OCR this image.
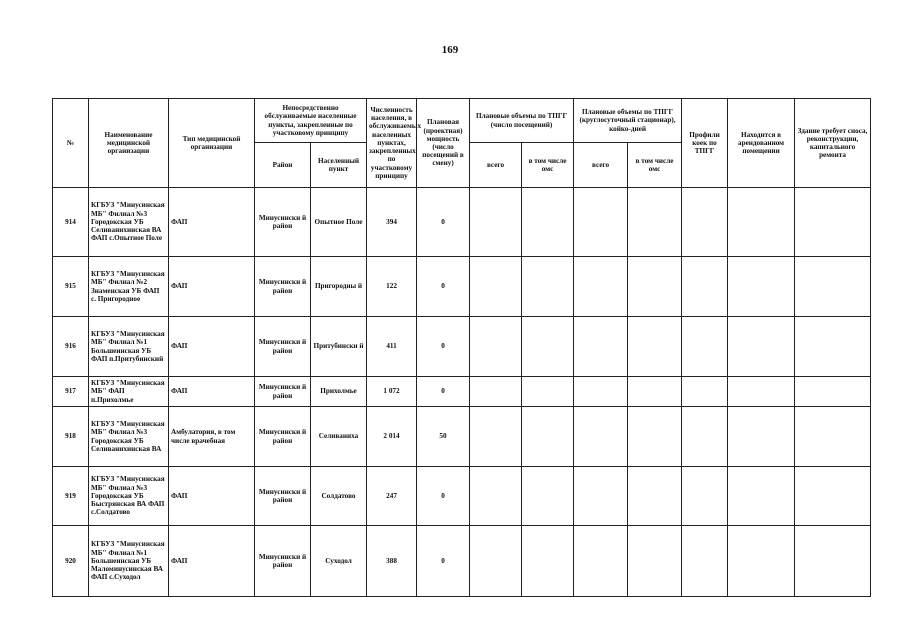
169
№	Наименование медицинской организации	Тип медицинской организации	Непосредственно обслуживаемые населенные пункты, закрепленные по участковому принципу		Численность населения, в обслуживаемых населенных пунктах, закрепленных по участковому принципу	Плановая (проектная) мощность (число посещений в смену)	Плановые объемы по ТПГГ (число посещений)		Плановые объемы по ТПГГ (круглосуточный стационар), койко-дней		Профили коек по ТПГГ	Находится в арендованном помещении	Здание требует сноса, реконструкции, капитального ремонта
			Район	Населенный пункт			всего	в том числе омс	всего	в том числе омс			
914	КГБУЗ "Минусинская МБ" Филиал №3 Городокская УБ Селиванихинская ВА ФАП с.Опытное Поле	ФАП	Минусински й район	Опытное Поле	394	0							
915	КГБУЗ "Минусинская МБ" Филиал №2 Знаменская УБ ФАП с. Пригородное	ФАП	Минусински й район	Пригородны й	122	0							
916	КГБУЗ "Минусинская МБ" Филиал №1 Большеинская УБ ФАП п.Притубинский	ФАП	Минусински й район	Притубински й	411	0							
917	КГБУЗ "Минусинская МБ" ФАП п.Прихолмье	ФАП	Минусински й район	Прихолмье	1 072	0							
918	КГБУЗ "Минусинская МБ" Филиал №3 Городокская УБ Селиванихинская ВА	Амбулатория, в том числе врачебная	Минусински й район	Селиваниха	2 014	50							
919	КГБУЗ "Минусинская МБ" Филиал №3 Городокская УБ Быстрянская ВА ФАП с.Солдатово	ФАП	Минусински й район	Солдатово	247	0							
920	КГБУЗ "Минусинская МБ" Филиал №1 Большеинская УБ Маломинусинская ВА ФАП с.Суходол	ФАП	Минусински й район	Суходол	388	0							
